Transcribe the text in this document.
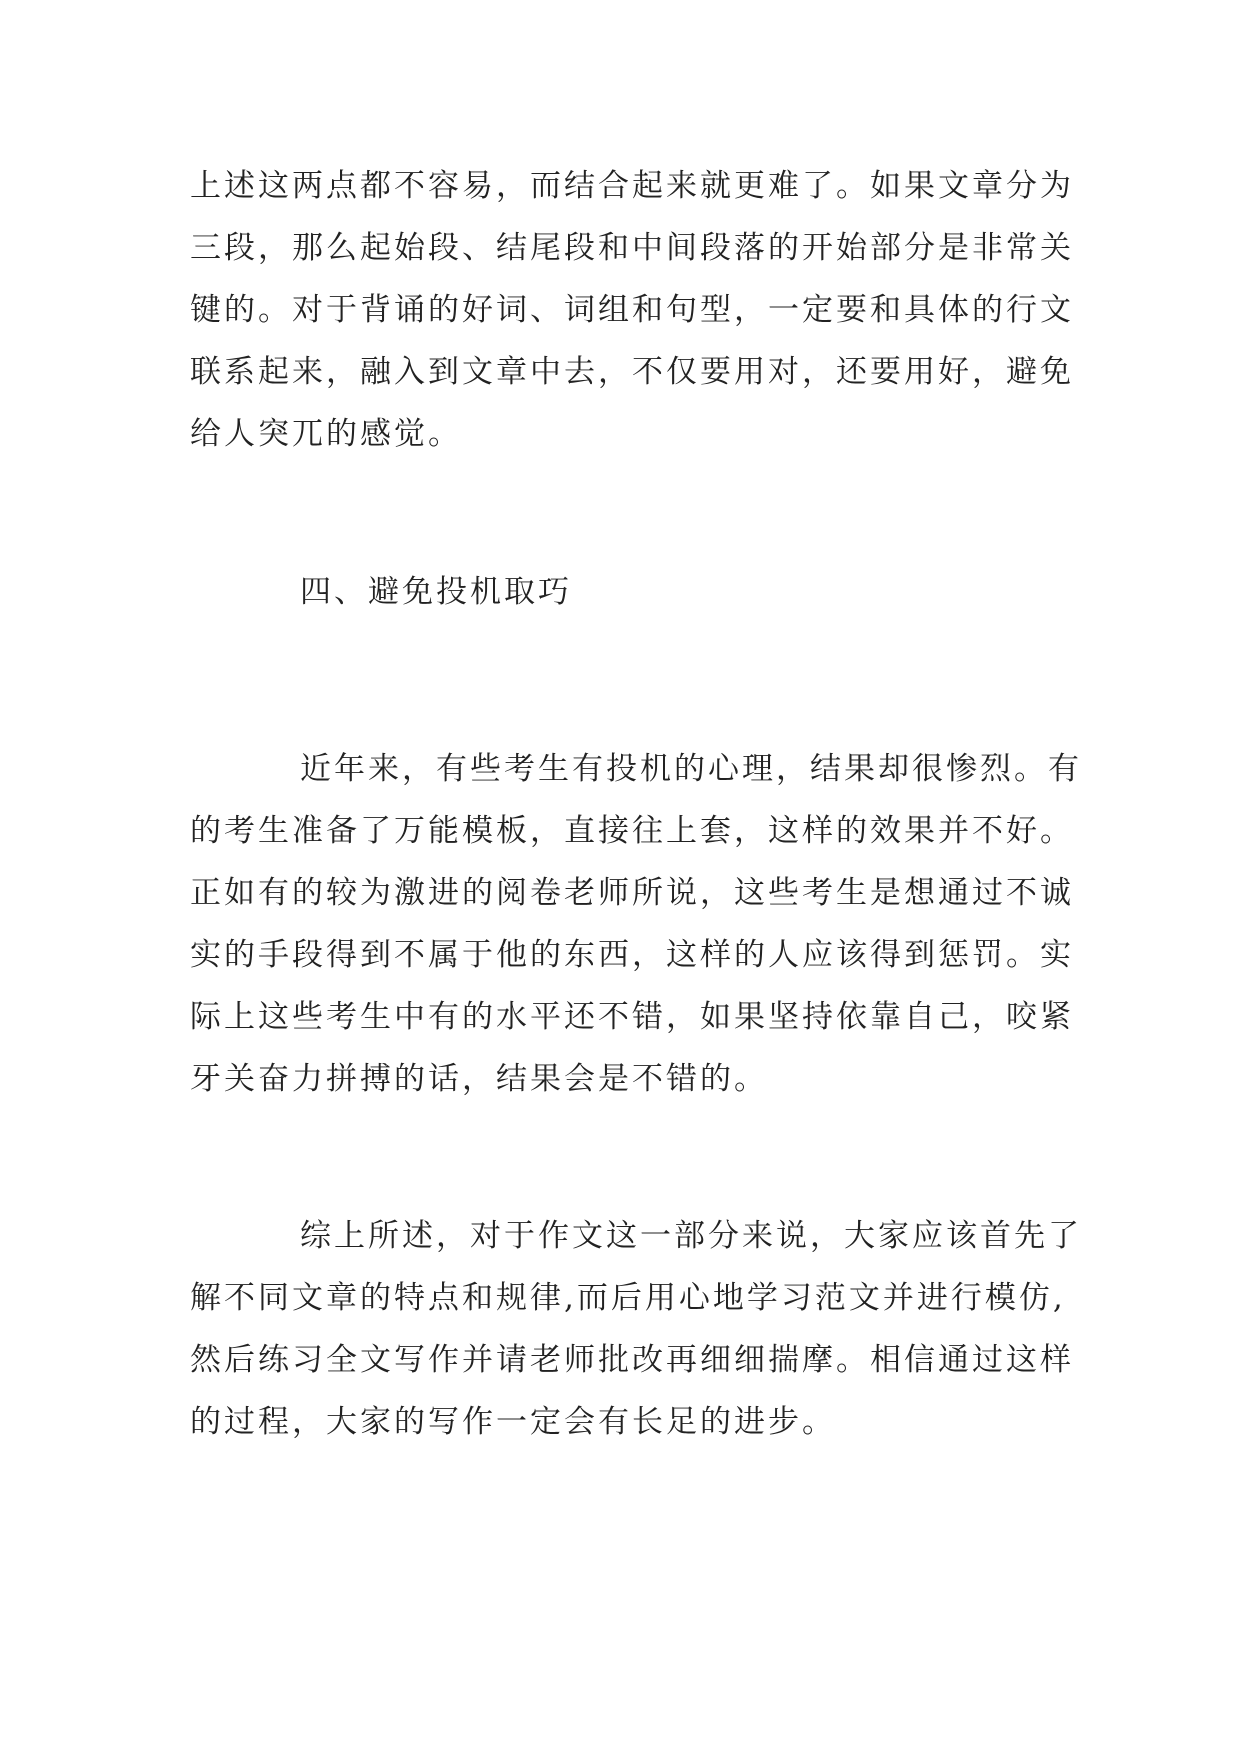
上述这两点都不容易，而结合起来就更难了。如果文章分为
三段，那么起始段、结尾段和中间段落的开始部分是非常关
键的。对于背诵的好词、词组和句型，一定要和具体的行文
联系起来，融入到文章中去，不仅要用对，还要用好，避免
给人突兀的感觉。
四、避免投机取巧
近年来，有些考生有投机的心理，结果却很惨烈。有
的考生准备了万能模板，直接往上套，这样的效果并不好。
正如有的较为激进的阅卷老师所说，这些考生是想通过不诚
实的手段得到不属于他的东西，这样的人应该得到惩罚。实
际上这些考生中有的水平还不错，如果坚持依靠自己，咬紧
牙关奋力拼搏的话，结果会是不错的。
综上所述，对于作文这一部分来说，大家应该首先了
解不同文章的特点和规律,而后用心地学习范文并进行模仿,
然后练习全文写作并请老师批改再细细揣摩。相信通过这样
的过程，大家的写作一定会有长足的进步。
